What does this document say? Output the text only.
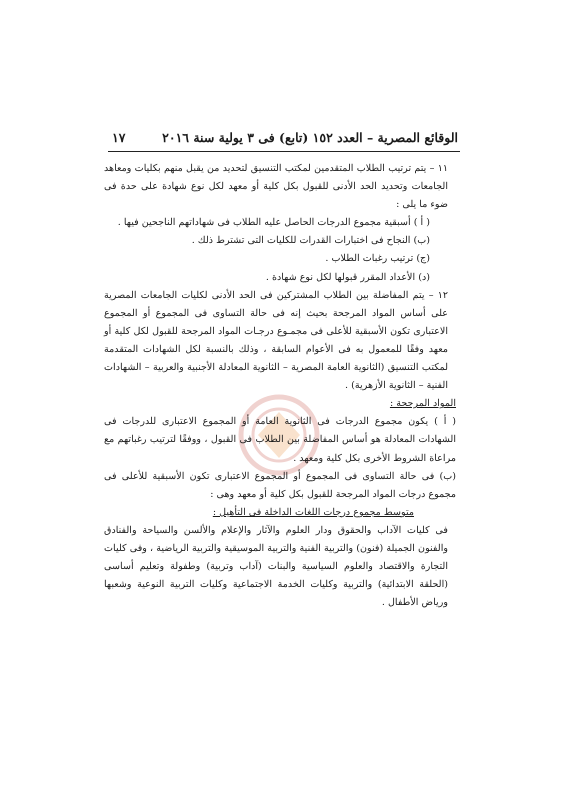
الوقائع المصرية – العدد ١٥٢ (تابع) فى ٣ يولية سنة ٢٠١٦
١٧

١١ – يتم ترتيب الطلاب المتقدمين لمكتب التنسيق لتحديد من يقبل منهم بكليات ومعاهد الجامعات وتحديد الحد الأدنى للقبول بكل كلية أو معهد لكل نوع شهادة على حدة فى ضوء ما يلى :

( أ ) أسبقية مجموع الدرجات الحاصل عليه الطلاب فى شهاداتهم الناجحين فيها .

(ب) النجاح فى اختبارات القدرات للكليات التى تشترط ذلك .

(ج) ترتيب رغبات الطلاب .

(د) الأعداد المقرر قبولها لكل نوع شهادة .

١٢ – يتم المفاضلة بين الطلاب المشتركين فى الحد الأدنى لكليات الجامعات المصرية على أساس المواد المرجحة بحيث إنه فى حالة التساوى فى المجموع أو المجموع الاعتبارى تكون الأسبقية للأعلى فى مجمـوع درجـات المواد المرجحة للقبول لكل كلية أو معهد وفقًا للمعمول به فى الأعوام السابقة ، وذلك بالنسبة لكل الشهادات المتقدمة لمكتب التنسيق (الثانوية العامة المصرية – الثانوية المعادلة الأجنبية والعربية – الشهادات الفنية – الثانوية الأزهرية) .

المواد المرجحة :

( أ ) يكون مجموع الدرجات فى الثانوية العامة أو المجموع الاعتبارى للدرجات فى الشهادات المعادلة هو أساس المفاضلة بين الطلاب فى القبول ، ووفقًا لترتيب رغباتهم مع مراعاة الشروط الأخرى بكل كلية ومعهد .

(ب) فى حالة التساوى فى المجموع أو المجموع الاعتبارى تكون الأسبقية للأعلى فى مجموع درجات المواد المرجحة للقبول بكل كلية أو معهد وهى :

متوسط مجموع درجات اللغات الداخلة فى التأهيل :

فى كليات الآداب والحقوق ودار العلوم والآثار والإعلام والألسن والسياحة والفنادق والفنون الجميلة (فنون) والتربية الفنية والتربية الموسيقية والتربية الرياضية ، وفى كليات التجارة والاقتصاد والعلوم السياسية والبنات (آداب وتربية) وطفولة وتعليم أساسى (الحلقة الابتدائية) والتربية وكليات الخدمة الاجتماعية وكليات التربية النوعية وشعبها ورياض الأطفال .
